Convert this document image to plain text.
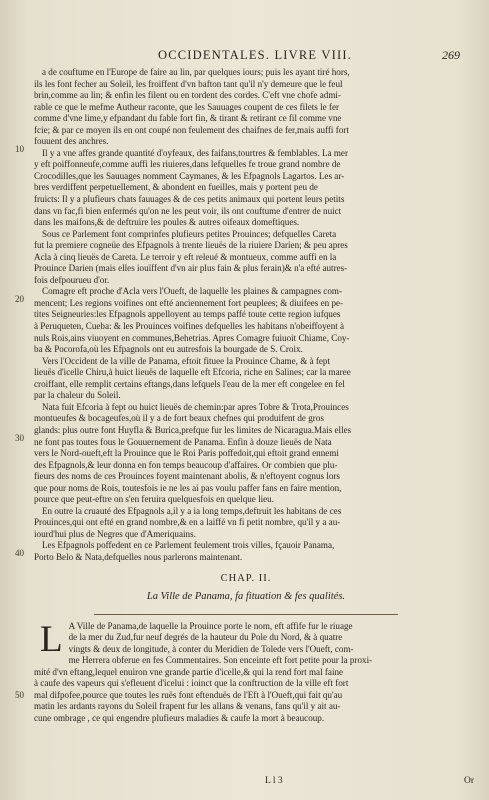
OCCIDENTALES. LIVRE VIII.	269
10
20
30
40
50

a de couftume en l'Europe de faire au lin, par quelques iours; puis les ayant tiré hors,
ils les font fecher au Soleil, les froiffent d'vn bafton tant qu'il n'y demeure que le feul
brin,comme au lin; & enfin les filent ou en tordent des cordes. C'eft vne chofe admi-
rable ce que le mefme Autheur raconte, que les Sauuages coupent de ces filets le fer
comme d'vne lime,y efpandant du fable fort fin, & tirant & retirant ce fil comme vne
fcie; & par ce moyen ils en ont coupé non feulement des chaifnes de fer,mais auffi fort
fouuent des anchres.

Il y a vne affes grande quantité d'oyfeaux, des faifans,tourtres & femblables. La mer
y eft poiffonneufe,comme auffi les riuieres,dans lefquelles fe troue grand nombre de
Crocodilles,que les Sauuages nomment Caymanes, & les Efpagnols Lagartos. Les ar-
bres verdiffent perpetuellement, & abondent en fueilles, mais y portent peu de
fruicts: Il y a plufieurs chats fauuages & de ces petits animaux qui portent leurs petits
dans vn fac,fi bien enfermés qu'on ne les peut voir, ils ont couftume d'entrer de nuict
dans les maifons,& de deftruire les poules & autres oifeaux domeftiques.

Sous ce Parlement font comprinfes plufieurs petites Prouinces; defquelles Careta
fut la premiere cogneüe des Efpagnols à trente lieuës de la riuiere Darien; & peu apres
Acla à cinq lieuës de Careta. Le terroir y eft releué & montueux, comme auffi en la
Prouince Darien (mais elles iouïffent d'vn air plus fain & plus ferain)& n'a efté autres-
fois defpourueu d'or.

Comagre eft proche d'Acla vers l'Oueft, de laquelle les plaines & campagnes com-
mencent; Les regions voifines ont efté anciennement fort peuplees; & diuifees en pe-
tites Seigneuries:les Efpagnols appelloyent au temps paffé toute cette region iufques
à Peruqueten, Cueba: & les Prouinces voifines defquelles les habitans n'obeiffoyent à
nuls Rois,ains viuoyent en communes,Behetrias. Apres Comagre fuiuoit Chiame, Coy-
ba & Pocorofa,où les Efpagnols ont eu autresfois la bourgade de S. Croix.

Vers l'Occident de la ville de Panama, eftoit fituee la Prouince Chame, & à fept
lieuës d'icelle Chiru,à huict lieuës de laquelle eft Efcoria, riche en Salines; car la maree
croiffant, elle remplit certains eftangs,dans lefquels l'eau de la mer eft congelee en fel
par la chaleur du Soleil.

Nata fuit Efcoria à fept ou huict lieuës de chemin:par apres Tobre & Trota,Prouinces
montueufes & bocageufes,où il y a de fort beaux chefnes qui produifent de gros
glands: plus outre font Huyfla & Burica,prefque fur les limites de Nicaragua.Mais elles
ne font pas toutes fous le Gouuernement de Panama. Enfin à douze lieuës de Nata
vers le Nord-oueft,eft la Prouince que le Roi Paris poffedoit,qui eftoit grand ennemi
des Efpagnols,& leur donna en fon temps beaucoup d'affaires. Or combien que plu-
fieurs des noms de ces Prouinces foyent maintenant abolis, & n'eftoyent cognus lors
que pour noms de Rois, toutesfois ie ne les ai pas voulu paffer fans en faire mention,
pource que peut-eftre on s'en feruira quelquesfois en quelque lieu.

En outre la cruauté des Efpagnols a,il y a ia long temps,deftruit les habitans de ces
Prouinces,qui ont efté en grand nombre,& en a laiffé vn fi petit nombre, qu'il y a au-
iourd'hui plus de Negres que d'Ameriquains.

Les Efpagnols poffedent en ce Parlement feulement trois villes, fçauoir Panama,
Porto Belo & Nata,defquelles nous parlerons maintenant.

CHAP. II.
La Ville de Panama, fa fituation & fes qualités.

L A Ville de Panama,de laquelle la Prouince porte le nom, eft affife fur le riuage
de la mer du Zud,fur neuf degrés de la hauteur du Pole du Nord, & à quatre
vingts & deux de longitude, à conter du Meridien de Tolede vers l'Oueft, com-
me Herrera obferue en fes Commentaires. Son enceinte eft fort petite pour la proxi-
mité d'vn eftang,lequel enuiron vne grande partie d'icelle,& qui la rend fort mal faine
à caufe des vapeurs qui s'efleuent d'icelui : ioinct que la conftruction de la ville eft fort
mal difpofee,pource que toutes les ruës font eftenduës de l'Eft à l'Oueft,qui fait qu'au
matin les ardants rayons du Soleil frapent fur les allans & venans, fans qu'il y ait au-
cune ombrage , ce qui engendre plufieurs maladies & caufe la mort à beaucoup.

L l 3	Or
